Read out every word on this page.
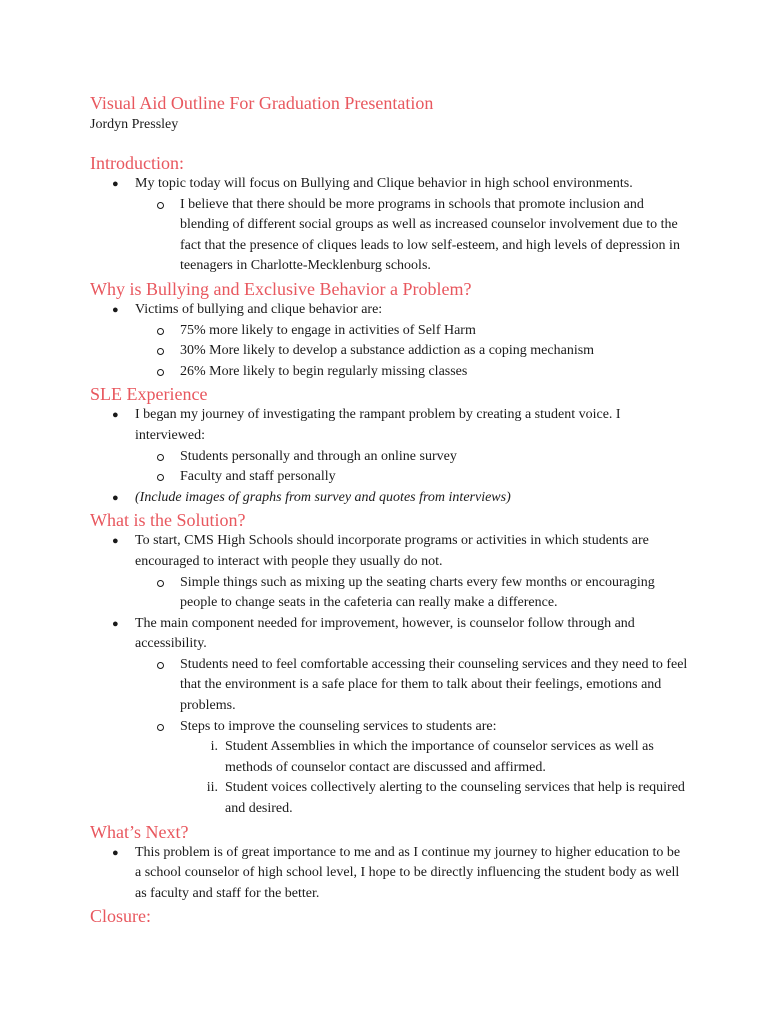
Visual Aid Outline For Graduation Presentation
Jordyn Pressley
Introduction:
● My topic today will focus on Bullying and Clique behavior in high school environments.
I believe that there should be more programs in schools that promote inclusion and blending of different social groups as well as increased counselor involvement due to the fact that the presence of cliques leads to low self-esteem, and high levels of depression in teenagers in Charlotte-Mecklenburg schools.
Why is Bullying and Exclusive Behavior a Problem?
● Victims of bullying and clique behavior are:
75% more likely to engage in activities of Self Harm
30% More likely to develop a substance addiction as a coping mechanism
26% More likely to begin regularly missing classes
SLE Experience
● I began my journey of investigating the rampant problem by creating a student voice. I interviewed:
Students personally and through an online survey
Faculty and staff personally
● (Include images of graphs from survey and quotes from interviews)
What is the Solution?
● To start, CMS High Schools should incorporate programs or activities in which students are encouraged to interact with people they usually do not.
Simple things such as mixing up the seating charts every few months or encouraging people to change seats in the cafeteria can really make a difference.
● The main component needed for improvement, however, is counselor follow through and accessibility.
Students need to feel comfortable accessing their counseling services and they need to feel that the environment is a safe place for them to talk about their feelings, emotions and problems.
Steps to improve the counseling services to students are:
i. Student Assemblies in which the importance of counselor services as well as methods of counselor contact are discussed and affirmed.
ii. Student voices collectively alerting to the counseling services that help is required and desired.
What’s Next?
● This problem is of great importance to me and as I continue my journey to higher education to be a school counselor of high school level, I hope to be directly influencing the student body as well as faculty and staff for the better.
Closure:
